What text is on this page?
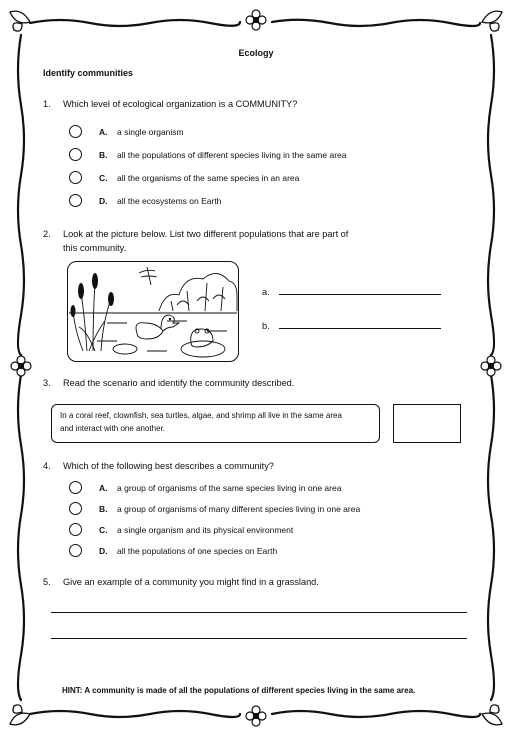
Ecology
Identify communities
1. Which level of ecological organization is a COMMUNITY?
A. a single organism
B. all the populations of different species living in the same area
C. all the organisms of the same species in an area
D. all the ecosystems on Earth
2. Look at the picture below. List two different populations that are part of
this community.
a.
b.
3. Read the scenario and identify the community described.
In a coral reef, clownfish, sea turtles, algae, and shrimp all live in the same area
and interact with one another.
4. Which of the following best describes a community?
A. a group of organisms of the same species living in one area
B. a group of organisms of many different species living in one area
C. a single organism and its physical environment
D. all the populations of one species on Earth
5. Give an example of a community you might find in a grassland.
HINT: A community is made of all the populations of different species living in the same area.
